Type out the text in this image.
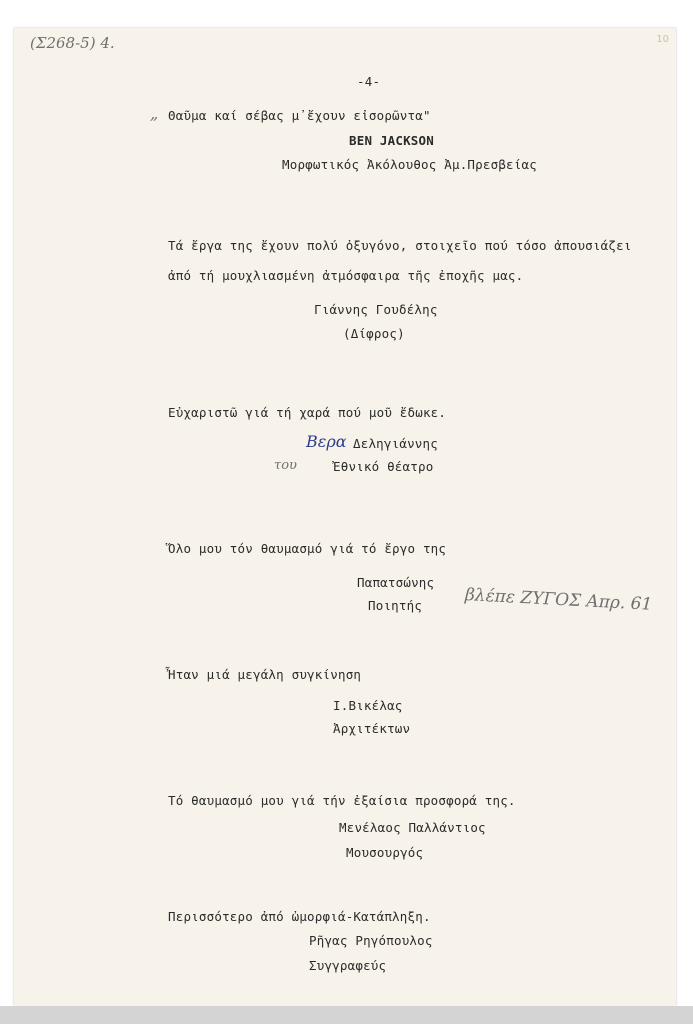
(Σ268-5) 4.	10
-4-
„ Θαῦμα καί σέβας μ᾽ἔχουν εἰσορῶντα"
BEN JACKSON
Μορφωτικός Ἀκόλουθος Ἀμ.Πρεσβείας
Τά ἔργα της ἔχουν πολύ ὀξυγόνο, στοιχεῖο πού τόσο ἀπουσιάζει
ἀπό τή μουχλιασμένη ἀτμόσφαιρα τῆς ἐποχῆς μας.
Γιάννης Γουδέλης
(Δίφρος)
Εὐχαριστῶ γιά τή χαρά πού μοῦ ἔδωκε.
Βερα Δεληγιάννης
του	Ἐθνικό θέατρο
Ὅλο μου τόν θαυμασμό γιά τό ἔργο της
Παπατσώνης
Ποιητής βλέπε ΖΥΓΟΣ Απρ. 61
Ἦταν μιά μεγάλη συγκίνηση
Ι.Βικέλας
Ἀρχιτέκτων
Τό θαυμασμό μου γιά τήν ἐξαίσια προσφορά της.
Μενέλαος Παλλάντιος
Μουσουργός
Περισσότερο ἀπό ὠμορφιά-Κατάπληξη.
Ρῆγας Ρηγόπουλος
Συγγραφεύς
